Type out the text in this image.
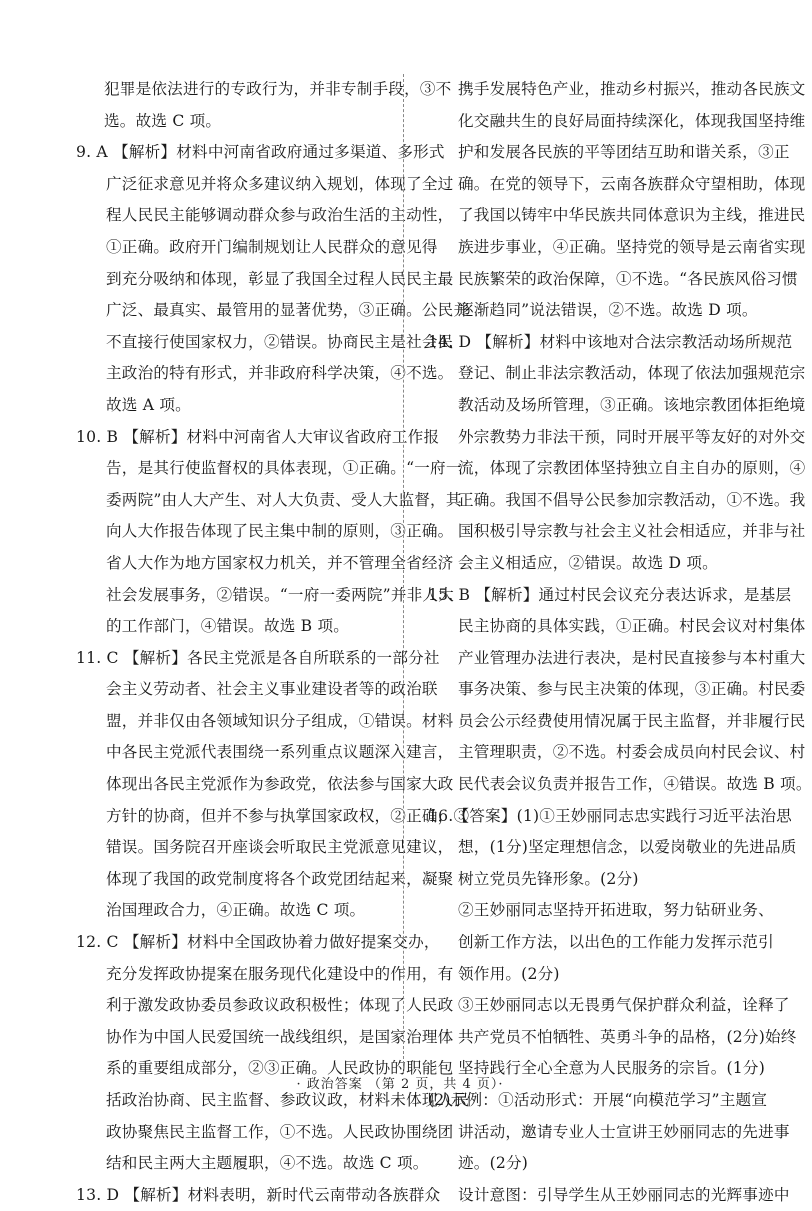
犯罪是依法进行的专政行为，并非专制手段，③不
选。故选 C 项。
9. A 【解析】材料中河南省政府通过多渠道、多形式
广泛征求意见并将众多建议纳入规划，体现了全过
程人民民主能够调动群众参与政治生活的主动性，
①正确。政府开门编制规划让人民群众的意见得
到充分吸纳和体现，彰显了我国全过程人民民主最
广泛、最真实、最管用的显著优势，③正确。公民并
不直接行使国家权力，②错误。协商民主是社会民
主政治的特有形式，并非政府科学决策，④不选。
故选 A 项。
10. B 【解析】材料中河南省人大审议省政府工作报
告，是其行使监督权的具体表现，①正确。“一府一
委两院”由人大产生、对人大负责、受人大监督，其
向人大作报告体现了民主集中制的原则，③正确。
省人大作为地方国家权力机关，并不管理全省经济
社会发展事务，②错误。“一府一委两院”并非人大
的工作部门，④错误。故选 B 项。
11. C 【解析】各民主党派是各自所联系的一部分社
会主义劳动者、社会主义事业建设者等的政治联
盟，并非仅由各领域知识分子组成，①错误。材料
中各民主党派代表围绕一系列重点议题深入建言，
体现出各民主党派作为参政党，依法参与国家大政
方针的协商，但并不参与执掌国家政权，②正确，③
错误。国务院召开座谈会听取民主党派意见建议，
体现了我国的政党制度将各个政党团结起来，凝聚
治国理政合力，④正确。故选 C 项。
12. C 【解析】材料中全国政协着力做好提案交办，
充分发挥政协提案在服务现代化建设中的作用，有
利于激发政协委员参政议政积极性；体现了人民政
协作为中国人民爱国统一战线组织，是国家治理体
系的重要组成部分，②③正确。人民政协的职能包
括政治协商、民主监督、参政议政，材料未体现人民
政协聚焦民主监督工作，①不选。人民政协围绕团
结和民主两大主题履职，④不选。故选 C 项。
13. D 【解析】材料表明，新时代云南带动各族群众
携手发展特色产业，推动乡村振兴，推动各民族文
化交融共生的良好局面持续深化，体现我国坚持维
护和发展各民族的平等团结互助和谐关系，③正
确。在党的领导下，云南各族群众守望相助，体现
了我国以铸牢中华民族共同体意识为主线，推进民
族进步事业，④正确。坚持党的领导是云南省实现
民族繁荣的政治保障，①不选。“各民族风俗习惯
逐渐趋同”说法错误，②不选。故选 D 项。
14. D 【解析】材料中该地对合法宗教活动场所规范
登记、制止非法宗教活动，体现了依法加强规范宗
教活动及场所管理，③正确。该地宗教团体拒绝境
外宗教势力非法干预，同时开展平等友好的对外交
流，体现了宗教团体坚持独立自主自办的原则，④
正确。我国不倡导公民参加宗教活动，①不选。我
国积极引导宗教与社会主义社会相适应，并非与社
会主义相适应，②错误。故选 D 项。
15. B 【解析】通过村民会议充分表达诉求，是基层
民主协商的具体实践，①正确。村民会议对村集体
产业管理办法进行表决，是村民直接参与本村重大
事务决策、参与民主决策的体现，③正确。村民委
员会公示经费使用情况属于民主监督，并非履行民
主管理职责，②不选。村委会成员向村民会议、村
民代表会议负责并报告工作，④错误。故选 B 项。
16.【答案】(1)①王妙丽同志忠实践行习近平法治思
想，(1分)坚定理想信念，以爱岗敬业的先进品质
树立党员先锋形象。(2分)
②王妙丽同志坚持开拓进取，努力钻研业务、
创新工作方法，以出色的工作能力发挥示范引
领作用。(2分)
③王妙丽同志以无畏勇气保护群众利益，诠释了
共产党员不怕牺牲、英勇斗争的品格，(2分)始终
坚持践行全心全意为人民服务的宗旨。(1分)
(2)示例：①活动形式：开展“向模范学习”主题宣
讲活动，邀请专业人士宣讲王妙丽同志的先进事
迹。(2分)
设计意图：引导学生从王妙丽同志的光辉事迹中
· 政治答案 （第 2 页，共 4 页）·
